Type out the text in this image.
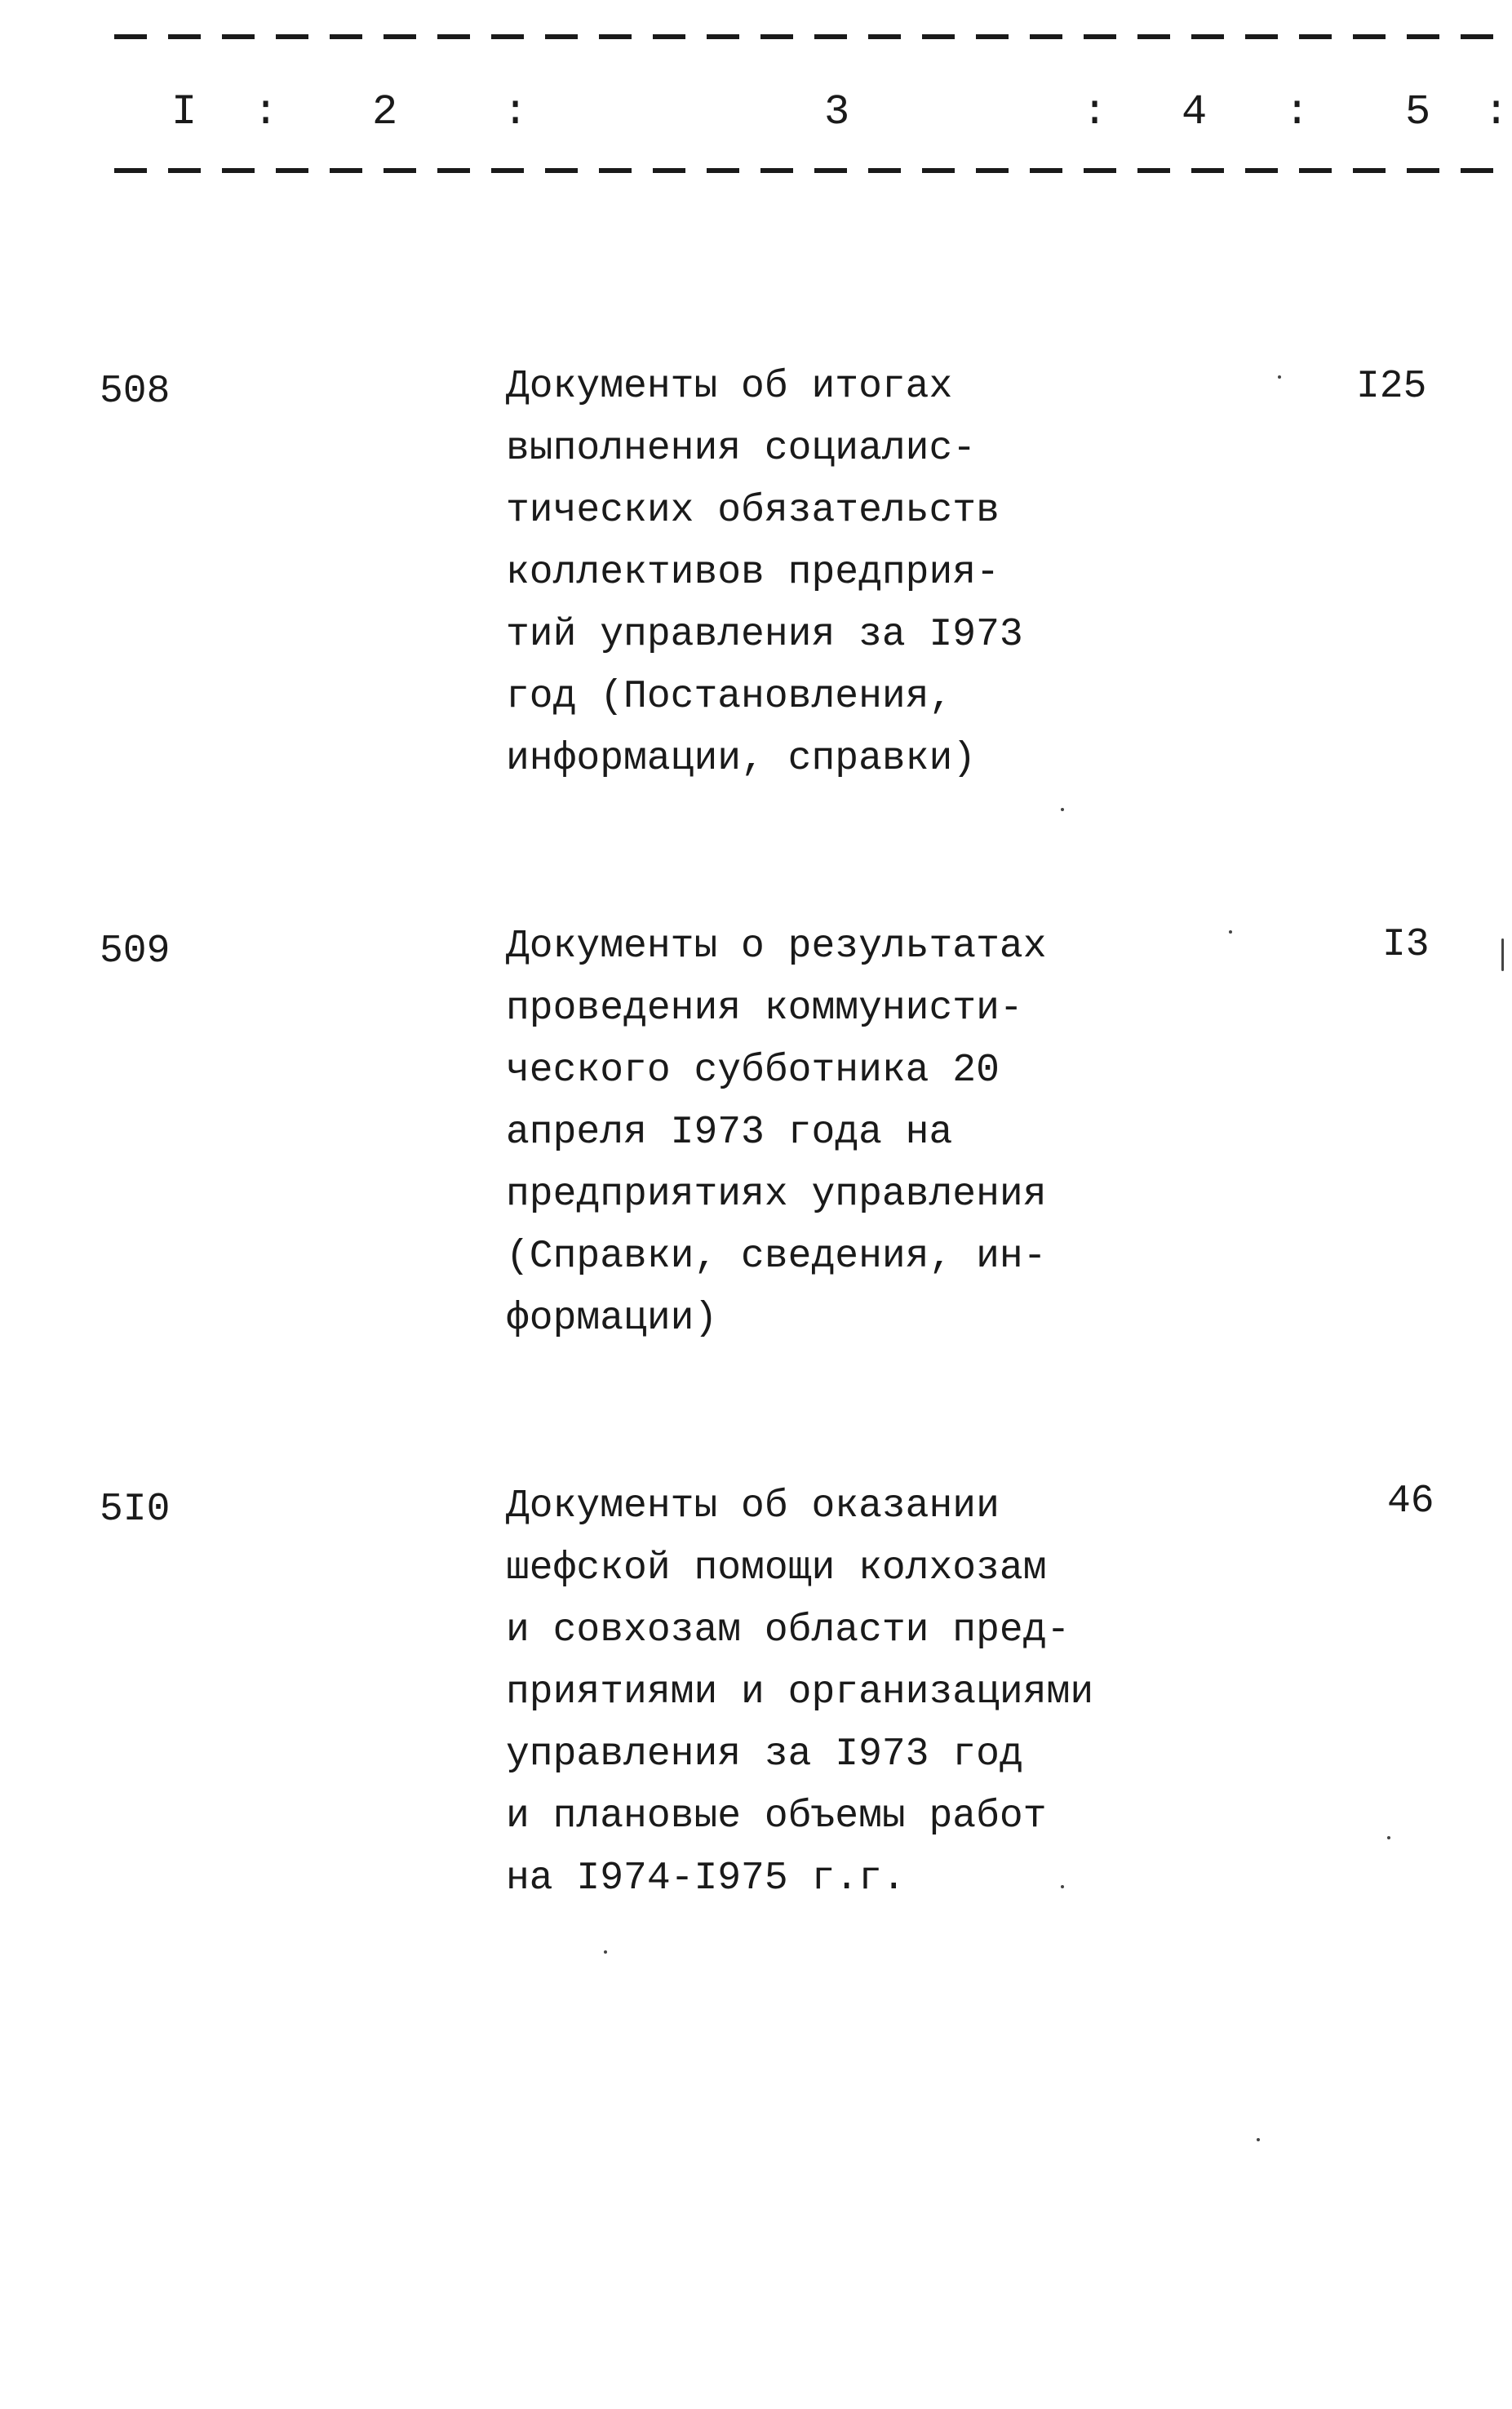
I : 2 :	3	: 4 : 5 :
508	Документы об итогах
выполнения социалис-
тических обязательств
коллективов предприя-
тий управления за I973
год (Постановления,
информации, справки)
I25
509	Документы о результатах
проведения коммунисти-
ческого субботника 20
апреля I973 года на
предприятиях управления
(Справки, сведения, ин-
формации)
I3
5I0	Документы об оказании
шефской помощи колхозам
и совхозам области пред-
приятиями и организациями
управления за I973 год
и плановые объемы работ
на I974-I975 г.г.
46
